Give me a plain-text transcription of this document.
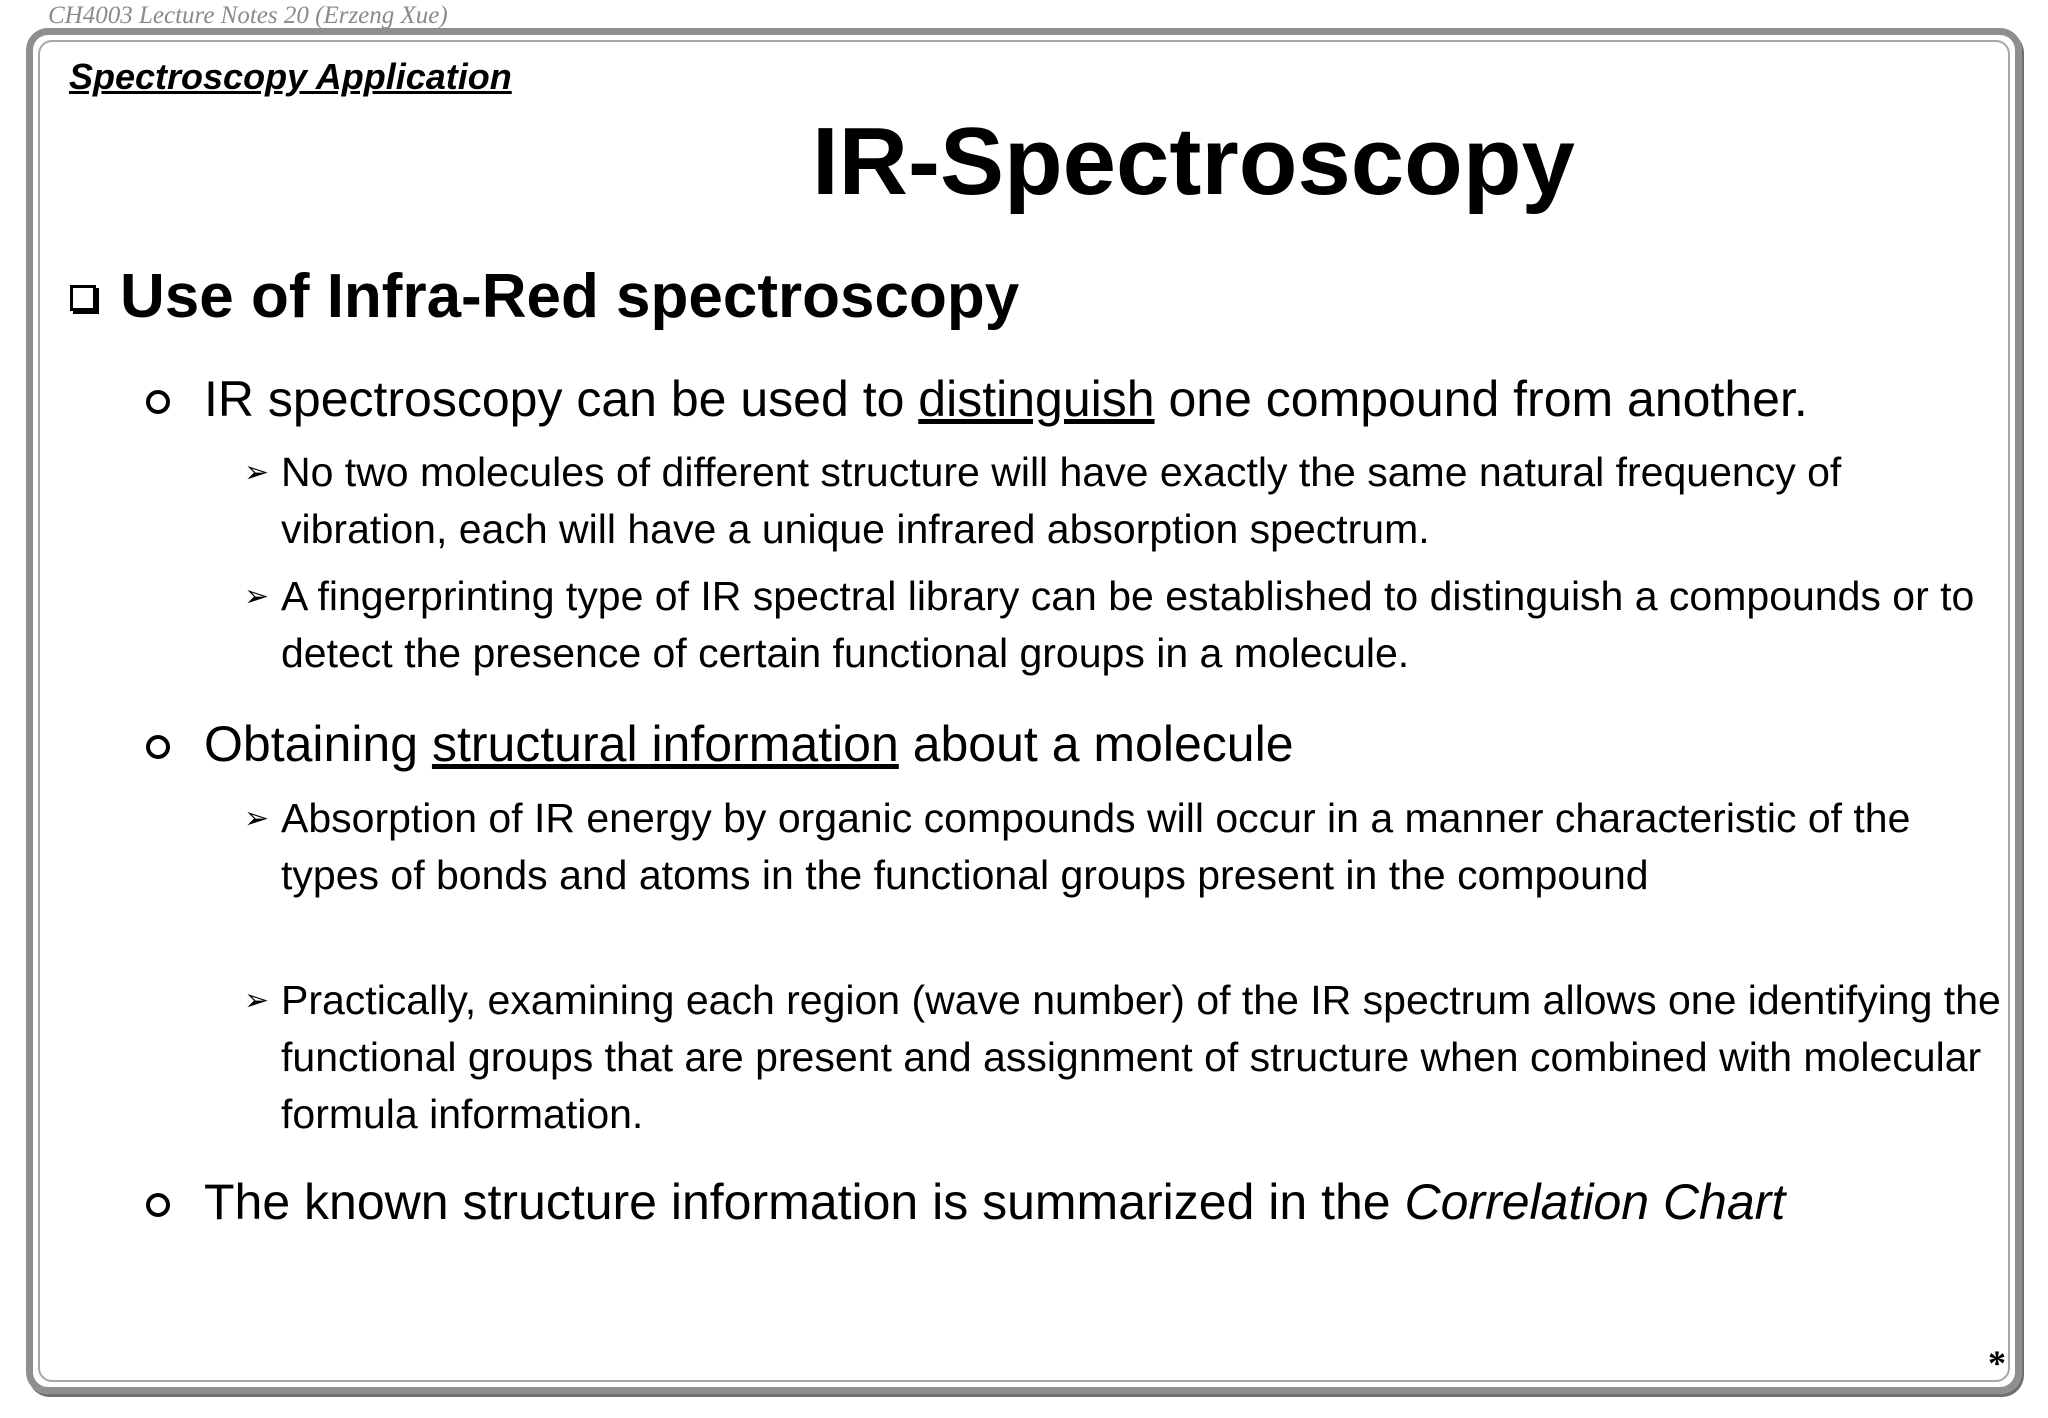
CH4003 Lecture Notes 20 (Erzeng Xue)
Spectroscopy Application
IR-Spectroscopy
Use of Infra-Red spectroscopy
IR spectroscopy can be used to distinguish one compound from another.
➢ No two molecules of different structure will have exactly the same natural frequency of vibration, each will have a unique infrared absorption spectrum.
➢ A fingerprinting type of IR spectral library can be established to distinguish a compounds or to detect the presence of certain functional groups in a molecule.
Obtaining structural information about a molecule
➢ Absorption of IR energy by organic compounds will occur in a manner characteristic of the types of bonds and atoms in the functional groups present in the compound
➢ Practically, examining each region (wave number) of the IR spectrum allows one identifying the functional groups that are present and assignment of structure when combined with molecular formula information.
The known structure information is summarized in the Correlation Chart
*
